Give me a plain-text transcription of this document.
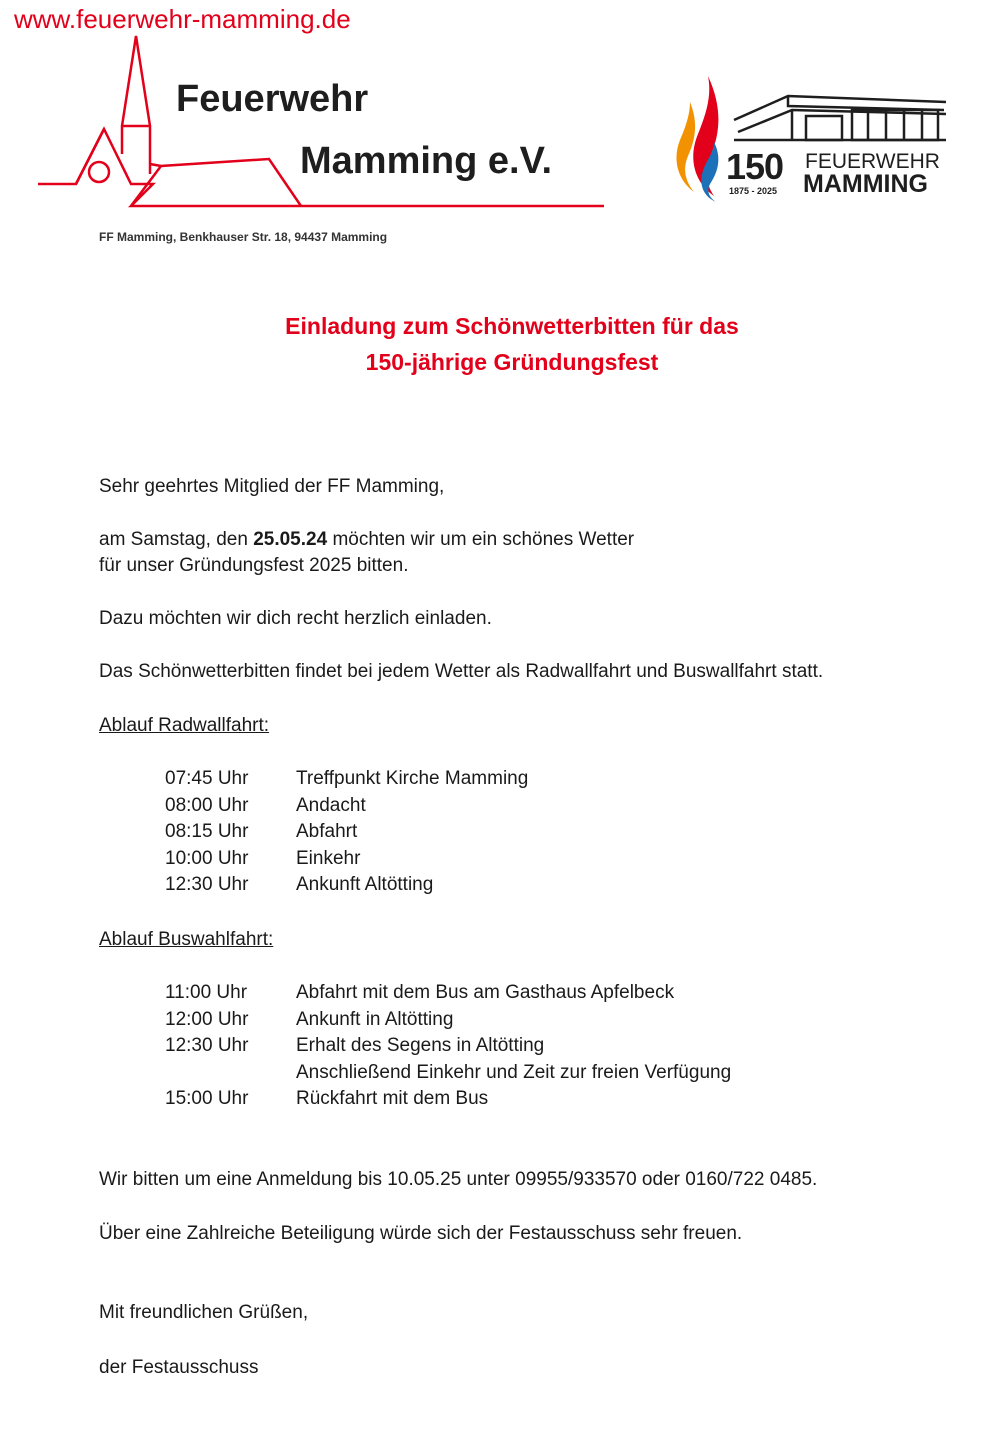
www.feuerwehr-mamming.de
Feuerwehr
Mamming e.V.	150
1875 - 2025
FEUERWEHR
MAMMING
FF Mamming, Benkhauser Str. 18, 94437 Mamming
Einladung zum Schönwetterbitten für das
150-jährige Gründungsfest
Sehr geehrtes Mitglied der FF Mamming,
am Samstag, den 25.05.24 möchten wir um ein schönes Wetter
für unser Gründungsfest 2025 bitten.
Dazu möchten wir dich recht herzlich einladen.
Das Schönwetterbitten findet bei jedem Wetter als Radwallfahrt und Buswallfahrt statt.
Ablauf Radwallfahrt:
07:45 Uhr	Treffpunkt Kirche Mamming
08:00 Uhr	Andacht
08:15 Uhr	Abfahrt
10:00 Uhr	Einkehr
12:30 Uhr	Ankunft Altötting
Ablauf Buswahlfahrt:
11:00 Uhr	Abfahrt mit dem Bus am Gasthaus Apfelbeck
12:00 Uhr	Ankunft in Altötting
12:30 Uhr	Erhalt des Segens in Altötting
Anschließend Einkehr und Zeit zur freien Verfügung
15:00 Uhr	Rückfahrt mit dem Bus
Wir bitten um eine Anmeldung bis 10.05.25 unter 09955/933570 oder 0160/722 0485.
Über eine Zahlreiche Beteiligung würde sich der Festausschuss sehr freuen.
Mit freundlichen Grüßen,
der Festausschuss
